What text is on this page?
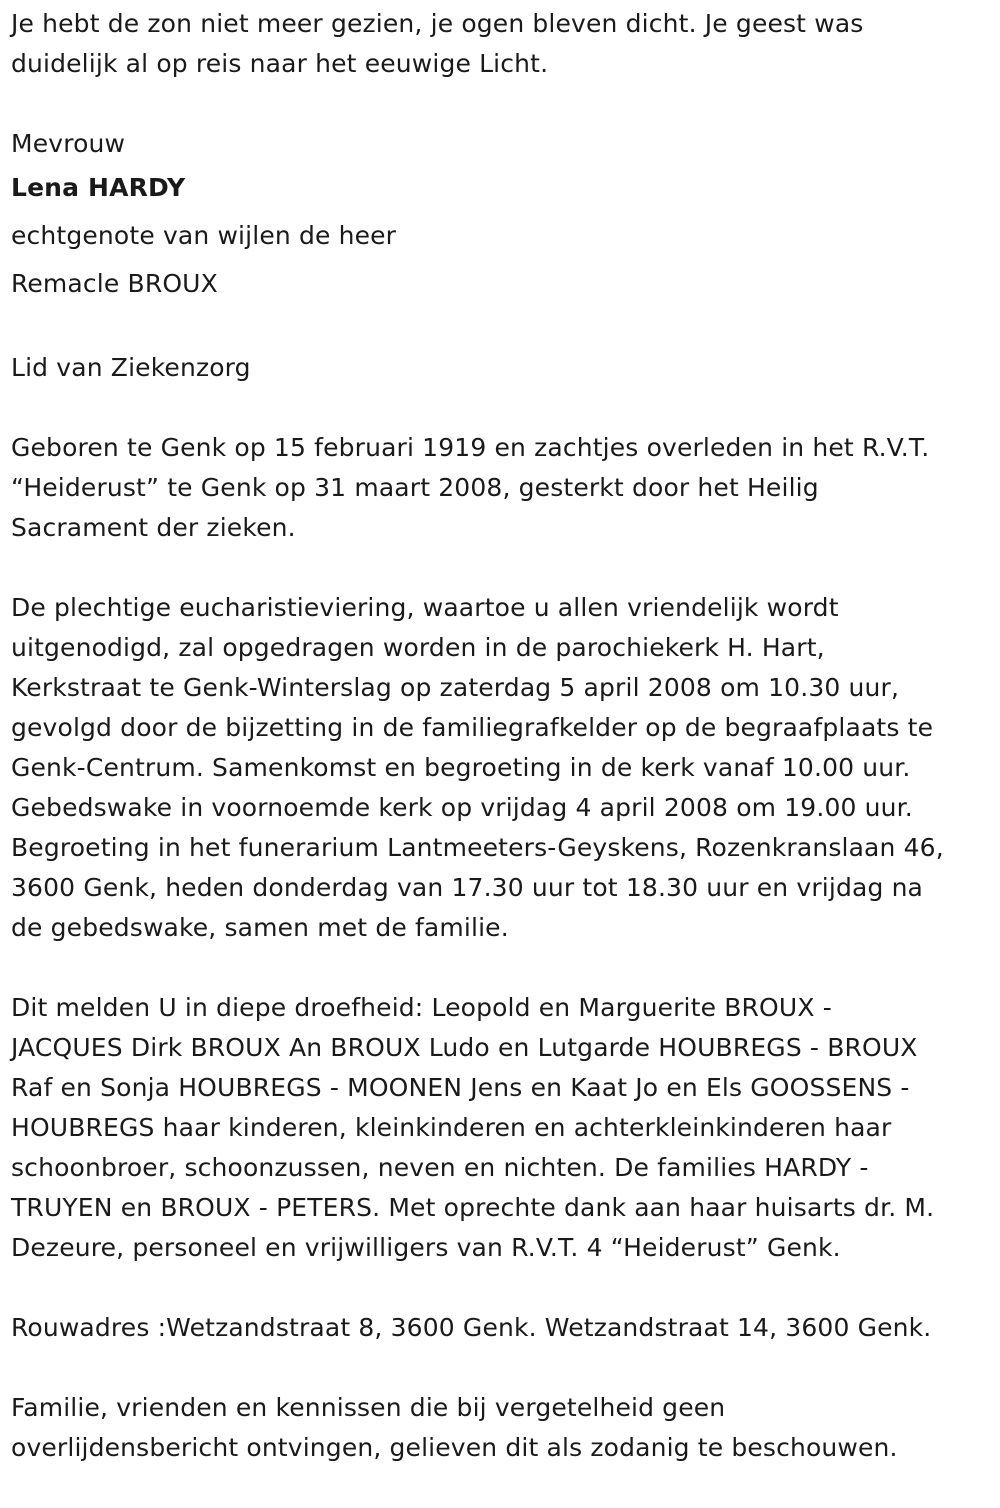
Je hebt de zon niet meer gezien, je ogen bleven dicht. Je geest was
duidelijk al op reis naar het eeuwige Licht.

Mevrouw
Lena HARDY
echtgenote van wijlen de heer
Remacle BROUX

Lid van Ziekenzorg

Geboren te Genk op 15 februari 1919 en zachtjes overleden in het R.V.T.
“Heiderust” te Genk op 31 maart 2008, gesterkt door het Heilig
Sacrament der zieken.

De plechtige eucharistieviering, waartoe u allen vriendelijk wordt
uitgenodigd, zal opgedragen worden in de parochiekerk H. Hart,
Kerkstraat te Genk-Winterslag op zaterdag 5 april 2008 om 10.30 uur,
gevolgd door de bijzetting in de familiegrafkelder op de begraafplaats te
Genk-Centrum. Samenkomst en begroeting in de kerk vanaf 10.00 uur.
Gebedswake in voornoemde kerk op vrijdag 4 april 2008 om 19.00 uur.
Begroeting in het funerarium Lantmeeters-Geyskens, Rozenkranslaan 46,
3600 Genk, heden donderdag van 17.30 uur tot 18.30 uur en vrijdag na
de gebedswake, samen met de familie.

Dit melden U in diepe droefheid: Leopold en Marguerite BROUX -
JACQUES Dirk BROUX An BROUX Ludo en Lutgarde HOUBREGS - BROUX
Raf en Sonja HOUBREGS - MOONEN Jens en Kaat Jo en Els GOOSSENS -
HOUBREGS haar kinderen, kleinkinderen en achterkleinkinderen haar
schoonbroer, schoonzussen, neven en nichten. De families HARDY -
TRUYEN en BROUX - PETERS. Met oprechte dank aan haar huisarts dr. M.
Dezeure, personeel en vrijwilligers van R.V.T. 4 “Heiderust” Genk.

Rouwadres :Wetzandstraat 8, 3600 Genk. Wetzandstraat 14, 3600 Genk.

Familie, vrienden en kennissen die bij vergetelheid geen
overlijdensbericht ontvingen, gelieven dit als zodanig te beschouwen.
